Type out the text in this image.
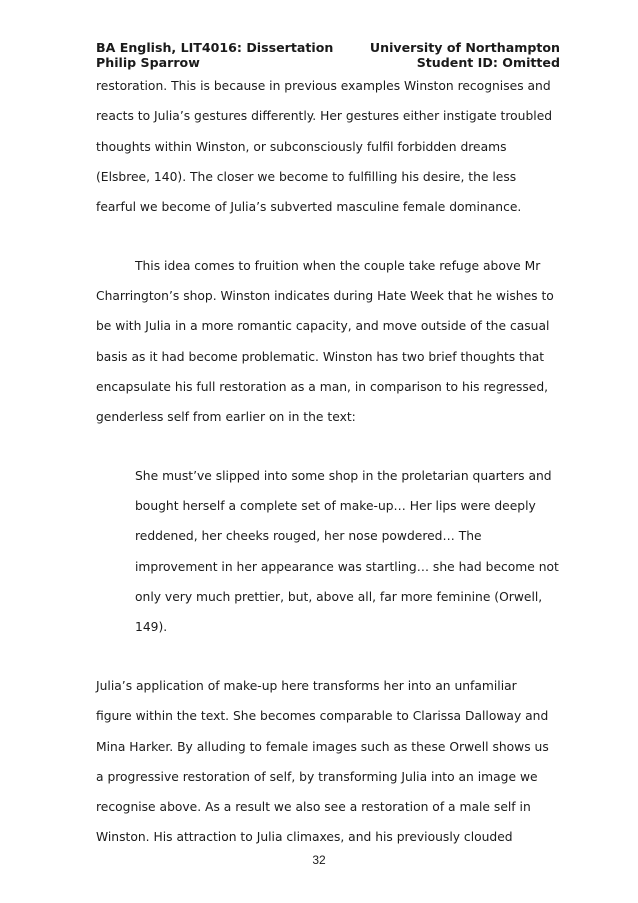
BA English, LIT4016: Dissertation	University of Northampton
Philip Sparrow	Student ID: Omitted
restoration. This is because in previous examples Winston recognises and
reacts to Julia’s gestures differently. Her gestures either instigate troubled
thoughts within Winston, or subconsciously fulfil forbidden dreams
(Elsbree, 140). The closer we become to fulfilling his desire, the less
fearful we become of Julia’s subverted masculine female dominance.
This idea comes to fruition when the couple take refuge above Mr
Charrington’s shop. Winston indicates during Hate Week that he wishes to
be with Julia in a more romantic capacity, and move outside of the casual
basis as it had become problematic. Winston has two brief thoughts that
encapsulate his full restoration as a man, in comparison to his regressed,
genderless self from earlier on in the text:
She must’ve slipped into some shop in the proletarian quarters and
bought herself a complete set of make-up… Her lips were deeply
reddened, her cheeks rouged, her nose powdered… The
improvement in her appearance was startling… she had become not
only very much prettier, but, above all, far more feminine (Orwell,
149).
Julia’s application of make-up here transforms her into an unfamiliar
figure within the text. She becomes comparable to Clarissa Dalloway and
Mina Harker. By alluding to female images such as these Orwell shows us
a progressive restoration of self, by transforming Julia into an image we
recognise above. As a result we also see a restoration of a male self in
Winston. His attraction to Julia climaxes, and his previously clouded
32
